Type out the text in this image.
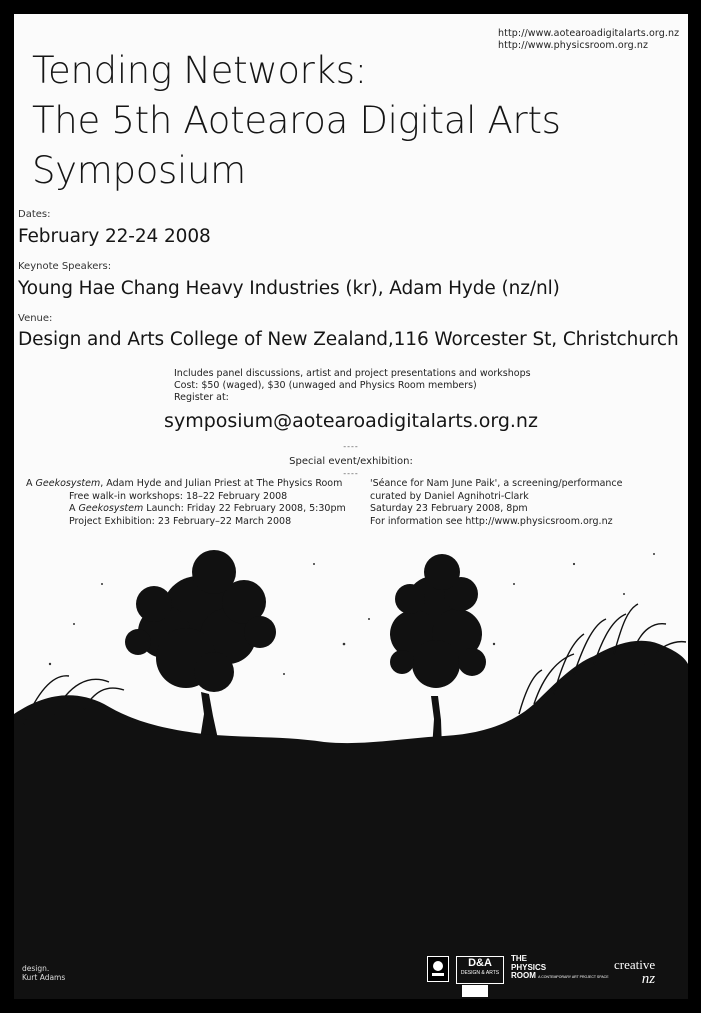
http://www.aotearoadigitalarts.org.nz
http://www.physicsroom.org.nz
Tending Networks:
The 5th Aotearoa Digital Arts
Symposium
Dates:
February 22-24 2008
Keynote Speakers:
Young Hae Chang Heavy Industries (kr), Adam Hyde (nz/nl)
Venue:
Design and Arts College of New Zealand,116 Worcester St, Christchurch
Includes panel discussions, artist and project presentations and workshops
Cost: $50 (waged), $30 (unwaged and Physics Room members)
Register at:
symposium@aotearoadigitalarts.org.nz
----
Special event/exhibition:
----
A Geekosystem, Adam Hyde and Julian Priest at The Physics Room
Free walk-in workshops: 18–22 February 2008
A Geekosystem Launch: Friday 22 February 2008, 5:30pm
Project Exhibition: 23 February–22 March 2008
'Séance for Nam June Paik', a screening/performance
curated by Daniel Agnihotri-Clark
Saturday 23 February 2008, 8pm
For information see http://www.physicsroom.org.nz
design.
Kurt Adams
D&A
DESIGN & ARTS
THE
PHYSICS
ROOM A CONTEMPORARY ART PROJECT SPACE
creative
nz
